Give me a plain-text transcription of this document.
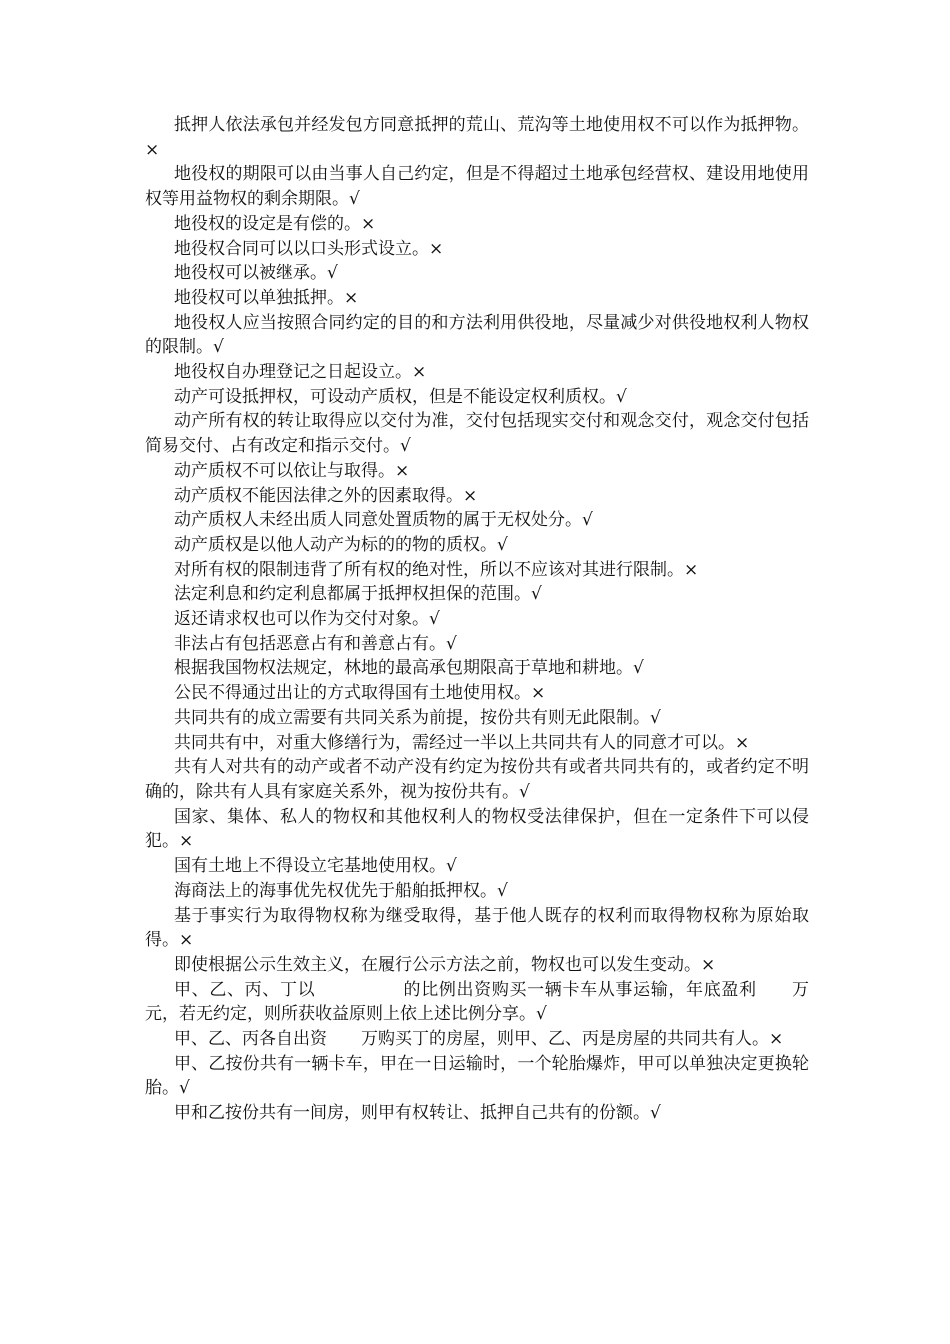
抵押人依法承包并经发包方同意抵押的荒山、荒沟等土地使用权不可以作为抵押物。×

地役权的期限可以由当事人自己约定，但是不得超过土地承包经营权、建设用地使用权等用益物权的剩余期限。√

地役权的设定是有偿的。×

地役权合同可以以口头形式设立。×

地役权可以被继承。√

地役权可以单独抵押。×

地役权人应当按照合同约定的目的和方法利用供役地，尽量减少对供役地权利人物权的限制。√

地役权自办理登记之日起设立。×

动产可设抵押权，可设动产质权，但是不能设定权利质权。√

动产所有权的转让取得应以交付为准，交付包括现实交付和观念交付，观念交付包括简易交付、占有改定和指示交付。√

动产质权不可以依让与取得。×

动产质权不能因法律之外的因素取得。×

动产质权人未经出质人同意处置质物的属于无权处分。√

动产质权是以他人动产为标的的物的质权。√

对所有权的限制违背了所有权的绝对性，所以不应该对其进行限制。×

法定利息和约定利息都属于抵押权担保的范围。√

返还请求权也可以作为交付对象。√

非法占有包括恶意占有和善意占有。√

根据我国物权法规定，林地的最高承包期限高于草地和耕地。√

公民不得通过出让的方式取得国有土地使用权。×

共同共有的成立需要有共同关系为前提，按份共有则无此限制。√

共同共有中，对重大修缮行为，需经过一半以上共同共有人的同意才可以。×

共有人对共有的动产或者不动产没有约定为按份共有或者共同共有的，或者约定不明确的，除共有人具有家庭关系外，视为按份共有。√

国家、集体、私人的物权和其他权利人的物权受法律保护，但在一定条件下可以侵犯。×

国有土地上不得设立宅基地使用权。√

海商法上的海事优先权优先于船舶抵押权。√

基于事实行为取得物权称为继受取得，基于他人既存的权利而取得物权称为原始取得。×

即使根据公示生效主义，在履行公示方法之前，物权也可以发生变动。×

甲、乙、丙、丁以　　　　　的比例出资购买一辆卡车从事运输，年底盈利　　万元，若无约定，则所获收益原则上依上述比例分享。√

甲、乙、丙各自出资　　万购买丁的房屋，则甲、乙、丙是房屋的共同共有人。×

甲、乙按份共有一辆卡车，甲在一日运输时，一个轮胎爆炸，甲可以单独决定更换轮胎。√

甲和乙按份共有一间房，则甲有权转让、抵押自己共有的份额。√
